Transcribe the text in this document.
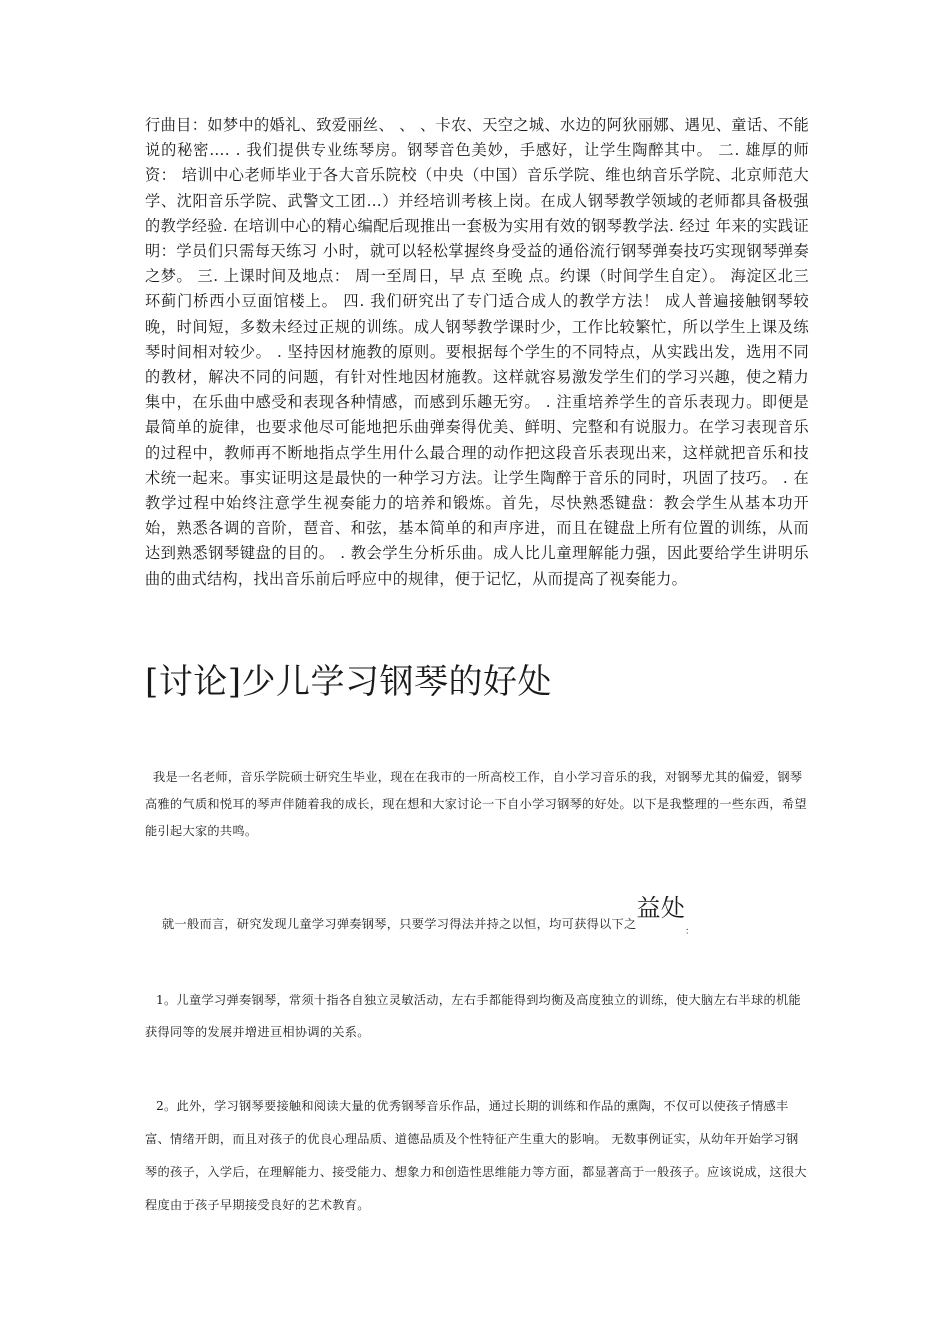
行曲目：如梦中的婚礼、致爱丽丝、 、 、卡农、天空之城、水边的阿狄丽娜、遇见、童话、不能说的秘密…. . 我们提供专业练琴房。钢琴音色美妙，手感好，让学生陶醉其中。 二. 雄厚的师资： 培训中心老师毕业于各大音乐院校（中央（中国）音乐学院、维也纳音乐学院、北京师范大学、沈阳音乐学院、武警文工团…）并经培训考核上岗。在成人钢琴教学领域的老师都具备极强的教学经验. 在培训中心的精心编配后现推出一套极为实用有效的钢琴教学法. 经过 年来的实践证明：学员们只需每天练习 小时，就可以轻松掌握终身受益的通俗流行钢琴弹奏技巧实现钢琴弹奏之梦。 三. 上课时间及地点： 周一至周日，早 点 至晚 点。约课（时间学生自定）。 海淀区北三环蓟门桥西小豆面馆楼上。 四. 我们研究出了专门适合成人的教学方法！ 成人普遍接触钢琴较晚，时间短，多数未经过正规的训练。成人钢琴教学课时少，工作比较繁忙，所以学生上课及练琴时间相对较少。 . 坚持因材施教的原则。要根据每个学生的不同特点，从实践出发，选用不同的教材，解决不同的问题，有针对性地因材施教。这样就容易激发学生们的学习兴趣，使之精力集中，在乐曲中感受和表现各种情感，而感到乐趣无穷。 . 注重培养学生的音乐表现力。即便是最简单的旋律，也要求他尽可能地把乐曲弹奏得优美、鲜明、完整和有说服力。在学习表现音乐的过程中，教师再不断地指点学生用什么最合理的动作把这段音乐表现出来，这样就把音乐和技术统一起来。事实证明这是最快的一种学习方法。让学生陶醉于音乐的同时，巩固了技巧。 . 在教学过程中始终注意学生视奏能力的培养和锻炼。首先，尽快熟悉键盘：教会学生从基本功开始，熟悉各调的音阶，琶音、和弦，基本简单的和声序进，而且在键盘上所有位置的训练，从而达到熟悉钢琴键盘的目的。 . 教会学生分析乐曲。成人比儿童理解能力强，因此要给学生讲明乐曲的曲式结构，找出音乐前后呼应中的规律，便于记忆，从而提高了视奏能力。

[讨论]少儿学习钢琴的好处

我是一名老师，音乐学院硕士研究生毕业，现在在我市的一所高校工作，自小学习音乐的我，对钢琴尤其的偏爱，钢琴高雅的气质和悦耳的琴声伴随着我的成长，现在想和大家讨论一下自小学习钢琴的好处。以下是我整理的一些东西，希望能引起大家的共鸣。

就一般而言，研究发现儿童学习弹奏钢琴，只要学习得法并持之以恒，均可获得以下之益处$_:$

1。儿童学习弹奏钢琴，常须十指各自独立灵敏活动，左右手都能得到均衡及高度独立的训练，使大脑左右半球的机能获得同等的发展并增进亘相协调的关系。

2。此外，学习钢琴要接触和阅读大量的优秀钢琴音乐作品，通过长期的训练和作品的熏陶，不仅可以使孩子情感丰富、情绪开朗，而且对孩子的优良心理品质、道德品质及个性特征产生重大的影响。 无数事例证实，从幼年开始学习钢琴的孩子，入学后，在理解能力、接受能力、想象力和创造性思维能力等方面，都显著高于一般孩子。应该说成，这很大程度由于孩子早期接受良好的艺术教育。
